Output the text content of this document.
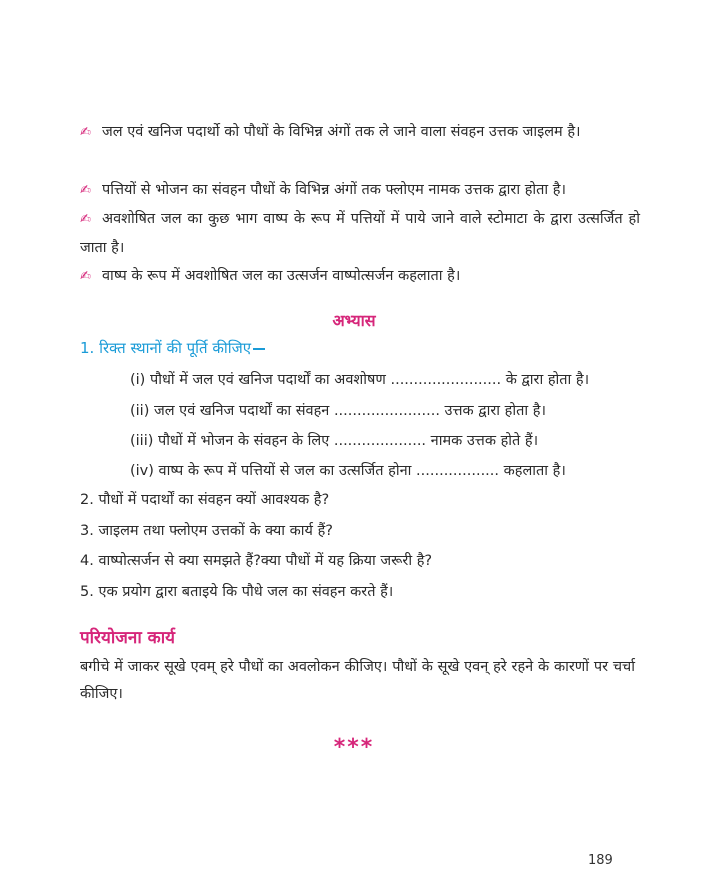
✍ जल एवं खनिज पदार्थो को पौधों के विभिन्न अंगों तक ले जाने वाला संवहन उत्तक जाइलम है।
✍ पत्तियों से भोजन का संवहन पौधों के विभिन्न अंगों तक फ्लोएम नामक उत्तक द्वारा होता है।
✍ अवशोषित जल का कुछ भाग वाष्प के रूप में पत्तियों में पाये जाने वाले स्टोमाटा के द्वारा उत्सर्जित हो जाता है।
✍ वाष्प के रूप में अवशोषित जल का उत्सर्जन वाष्पोत्सर्जन कहलाता है।
अभ्यास
1. रिक्त स्थानों की पूर्ति कीजिए
(i) पौधों में जल एवं खनिज पदार्थों का अवशोषण ........................ के द्वारा होता है।
(ii) जल एवं खनिज पदार्थों का संवहन ....................... उत्तक द्वारा होता है।
(iii) पौधों में भोजन के संवहन के लिए .................... नामक उत्तक होते हैं।
(iv) वाष्प के रूप में पत्तियों से जल का उत्सर्जित होना .................. कहलाता है।
2. पौधों में पदार्थों का संवहन क्यों आवश्यक है?
3. जाइलम तथा फ्लोएम उत्तकों के क्या कार्य हैं?
4. वाष्पोत्सर्जन से क्या समझते हैं?क्या पौधों में यह क्रिया जरूरी है?
5. एक प्रयोग द्वारा बताइये कि पौधे जल का संवहन करते हैं।
परियोजना कार्य
बगीचे में जाकर सूखे एवम् हरे पौधों का अवलोकन कीजिए। पौधों के सूखे एवन् हरे रहने के कारणों पर चर्चा कीजिए।
***
189
